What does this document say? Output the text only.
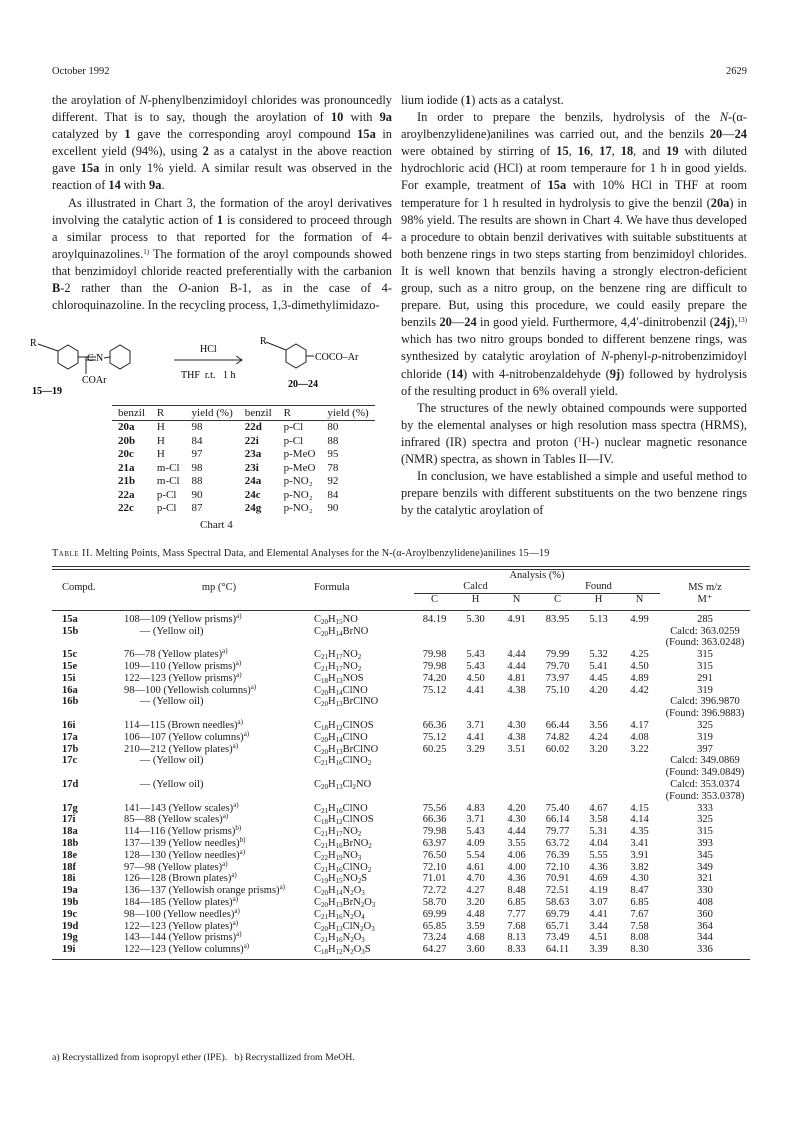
October 1992	2629

the aroylation of N-phenylbenzimidoyl chlorides was pronouncedly different. That is to say, though the aroylation of 10 with 9a catalyzed by 1 gave the corresponding aroyl compound 15a in excellent yield (94%), using 2 as a catalyst in the above reaction gave 15a in only 1% yield. A similar result was observed in the reaction of 14 with 9a.

As illustrated in Chart 3, the formation of the aroyl derivatives involving the catalytic action of 1 is considered to proceed through a similar process to that reported for the formation of 4-aroylquinazolines.$^{1)}$ The formation of the aroyl compounds showed that benzimidoyl chloride reacted preferentially with the carbanion B-2 rather than the O-anion B-1, as in the case of 4-chloroquinazoline. In the recycling process, 1,3-dimethylimidazo-

lium iodide (1) acts as a catalyst.

In order to prepare the benzils, hydrolysis of the N-(α-aroylbenzylidene)anilines was carried out, and the benzils 20—24 were obtained by stirring of 15, 16, 17, 18, and 19 with diluted hydrochloric acid (HCl) at room temperaure for 1 h in good yields. For example, treatment of 15a with 10% HCl in THF at room temperature for 1 h resulted in hydrolysis to give the benzil (20a) in 98% yield. The results are shown in Chart 4. We have thus developed a procedure to obtain benzil derivatives with suitable substituents at both benzene rings in two steps starting from benzimidoyl chlorides. It is well known that benzils having a strongly electron-deficient group, such as a nitro group, on the benzene ring are difficult to prepare. But, using this procedure, we could easily prepare the benzils 20—24 in good yield. Furthermore, 4,4′-dinitrobenzil (24j),$^{13)}$ which has two nitro groups bonded to different benzene rings, was synthesized by catalytic aroylation of N-phenyl-p-nitrobenzimidoyl chloride (14) with 4-nitrobenzaldehyde (9j) followed by hydrolysis of the resulting product in 6% overall yield.

The structures of the newly obtained compounds were supported by the elemental analyses or high resolution mass spectra (HRMS), infrared (IR) spectra and proton ($^1$H-) nuclear magnetic resonance (NMR) spectra, as shown in Tables II—IV.

In conclusion, we have established a simple and useful method to prepare benzils with different substituents on the two benzene rings by the catalytic aroylation of

R
C N
COAr
15—19
HCl
THF  r.t.   1 h
R
COCO–Ar
20—24
benzil	R	yield (%)	benzil	R	yield (%)
20a	H	98	22d	p-Cl	80
20b	H	84	22i	p-Cl	88
20c	H	97	23a	p-MeO	95
21a	m-Cl	98	23i	p-MeO	78
21b	m-Cl	88	24a	p-NO₂	92
22a	p-Cl	90	24c	p-NO₂	84
22c	p-Cl	87	24g	p-NO₂	90
Chart 4
Table II. Melting Points, Mass Spectral Data, and Elemental Analyses for the N-(α-Aroylbenzylidene)anilines 15—19
			Analysis (%)						
Compd.	mp (°C)	Formula	Calcd			Found			MS m/z
			C	H	N	C	H	N	M⁺
15a	108—109 (Yellow prisms)$^{a)}$	$C_{20}H_{15}NO$	84.19	5.30	4.91	83.95	5.13	4.99	285
15b	— (Yellow oil)	$C_{20}H_{14}BrNO$							Calcd: 363.0259
									(Found: 363.0248)
15c	76—78 (Yellow plates)$^{a)}$	$C_{21}H_{17}NO_2$	79.98	5.43	4.44	79.99	5.32	4.25	315
15e	109—110 (Yellow prisms)$^{a)}$	$C_{21}H_{17}NO_2$	79.98	5.43	4.44	79.70	5.41	4.50	315
15i	122—123 (Yellow prisms)$^{a)}$	$C_{18}H_{13}NOS$	74.20	4.50	4.81	73.97	4.45	4.89	291
16a	98—100 (Yellowish columns)$^{a)}$	$C_{20}H_{14}ClNO$	75.12	4.41	4.38	75.10	4.20	4.42	319
16b	— (Yellow oil)	$C_{20}H_{13}BrClNO$							Calcd: 396.9870
									(Found: 396.9883)
16i	114—115 (Brown needles)$^{a)}$	$C_{18}H_{12}ClNOS$	66.36	3.71	4.30	66.44	3.56	4.17	325
17a	106—107 (Yellow columns)$^{a)}$	$C_{20}H_{14}ClNO$	75.12	4.41	4.38	74.82	4.24	4.08	319
17b	210—212 (Yellow plates)$^{a)}$	$C_{20}H_{13}BrClNO$	60.25	3.29	3.51	60.02	3.20	3.22	397
17c	— (Yellow oil)	$C_{21}H_{16}ClNO_2$							Calcd: 349.0869
									(Found: 349.0849)
17d	— (Yellow oil)	$C_{20}H_{13}Cl_2NO$							Calcd: 353.0374
									(Found: 353.0378)
17g	141—143 (Yellow scales)$^{a)}$	$C_{21}H_{16}ClNO$	75.56	4.83	4.20	75.40	4.67	4.15	333
17i	85—88 (Yellow scales)$^{a)}$	$C_{18}H_{12}ClNOS$	66.36	3.71	4.30	66.14	3.58	4.14	325
18a	114—116 (Yellow prisms)$^{b)}$	$C_{21}H_{17}NO_2$	79.98	5.43	4.44	79.77	5.31	4.35	315
18b	137—139 (Yellow needles)$^{b)}$	$C_{21}H_{16}BrNO_2$	63.97	4.09	3.55	63.72	4.04	3.41	393
18e	128—130 (Yellow needles)$^{a)}$	$C_{22}H_{19}NO_3$	76.50	5.54	4.06	76.39	5.55	3.91	345
18f	97—98 (Yellow plates)$^{a)}$	$C_{21}H_{16}ClNO_2$	72.10	4.61	4.00	72.10	4.36	3.82	349
18i	126—128 (Brown plates)$^{a)}$	$C_{19}H_{15}NO_2S$	71.01	4.70	4.36	70.91	4.69	4.30	321
19a	136—137 (Yellowish orange prisms)$^{a)}$	$C_{20}H_{14}N_2O_3$	72.72	4.27	8.48	72.51	4.19	8.47	330
19b	184—185 (Yellow plates)$^{a)}$	$C_{20}H_{13}BrN_2O_3$	58.70	3.20	6.85	58.63	3.07	6.85	408
19c	98—100 (Yellow needles)$^{a)}$	$C_{21}H_{16}N_2O_4$	69.99	4.48	7.77	69.79	4.41	7.67	360
19d	122—123 (Yellow plates)$^{a)}$	$C_{20}H_{13}ClN_2O_3$	65.85	3.59	7.68	65.71	3.44	7.58	364
19g	143—144 (Yellow prisms)$^{a)}$	$C_{21}H_{16}N_2O_3$	73.24	4.68	8.13	73.49	4.51	8.08	344
19i	122—123 (Yellow columns)$^{a)}$	$C_{18}H_{12}N_2O_3S$	64.27	3.60	8.33	64.11	3.39	8.30	336
a) Recrystallized from isopropyl ether (IPE).   b) Recrystallized from MeOH.
